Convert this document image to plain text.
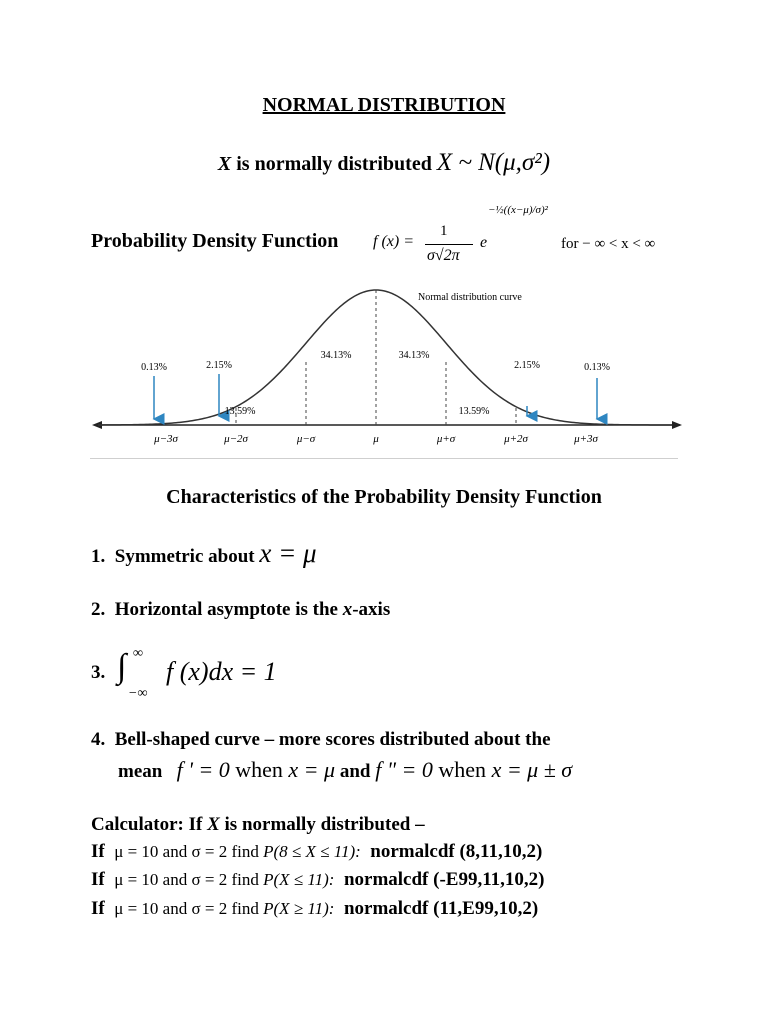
NORMAL DISTRIBUTION
X is normally distributed X ~ N(μ,σ²)
Probability Density Function f (x) =
1
σ√2π
e
−½((x−μ)/σ)²
for − ∞ < x < ∞
Normal distribution curve
0.13%	2.15%
13.59%
34.13%	34.13%
13.59%
2.15%	0.13%
μ−3σ	μ−2σ	μ−σ	μ	μ+σ	μ+2σ	μ+3σ
Characteristics of the Probability Density Function
1. Symmetric about x = μ
2. Horizontal asymptote is the x-axis
3. ∫ ∞
−∞
f (x)dx = 1
4. Bell-shaped curve – more scores distributed about the
mean f ' = 0 when x = μ and f " = 0 when x = μ ± σ
Calculator: If X is normally distributed –
If μ = 10 and σ = 2 find P(8 ≤ X ≤ 11): normalcdf (8,11,10,2)
If μ = 10 and σ = 2 find P(X ≤ 11): normalcdf (-E99,11,10,2)
If μ = 10 and σ = 2 find P(X ≥ 11): normalcdf (11,E99,10,2)
